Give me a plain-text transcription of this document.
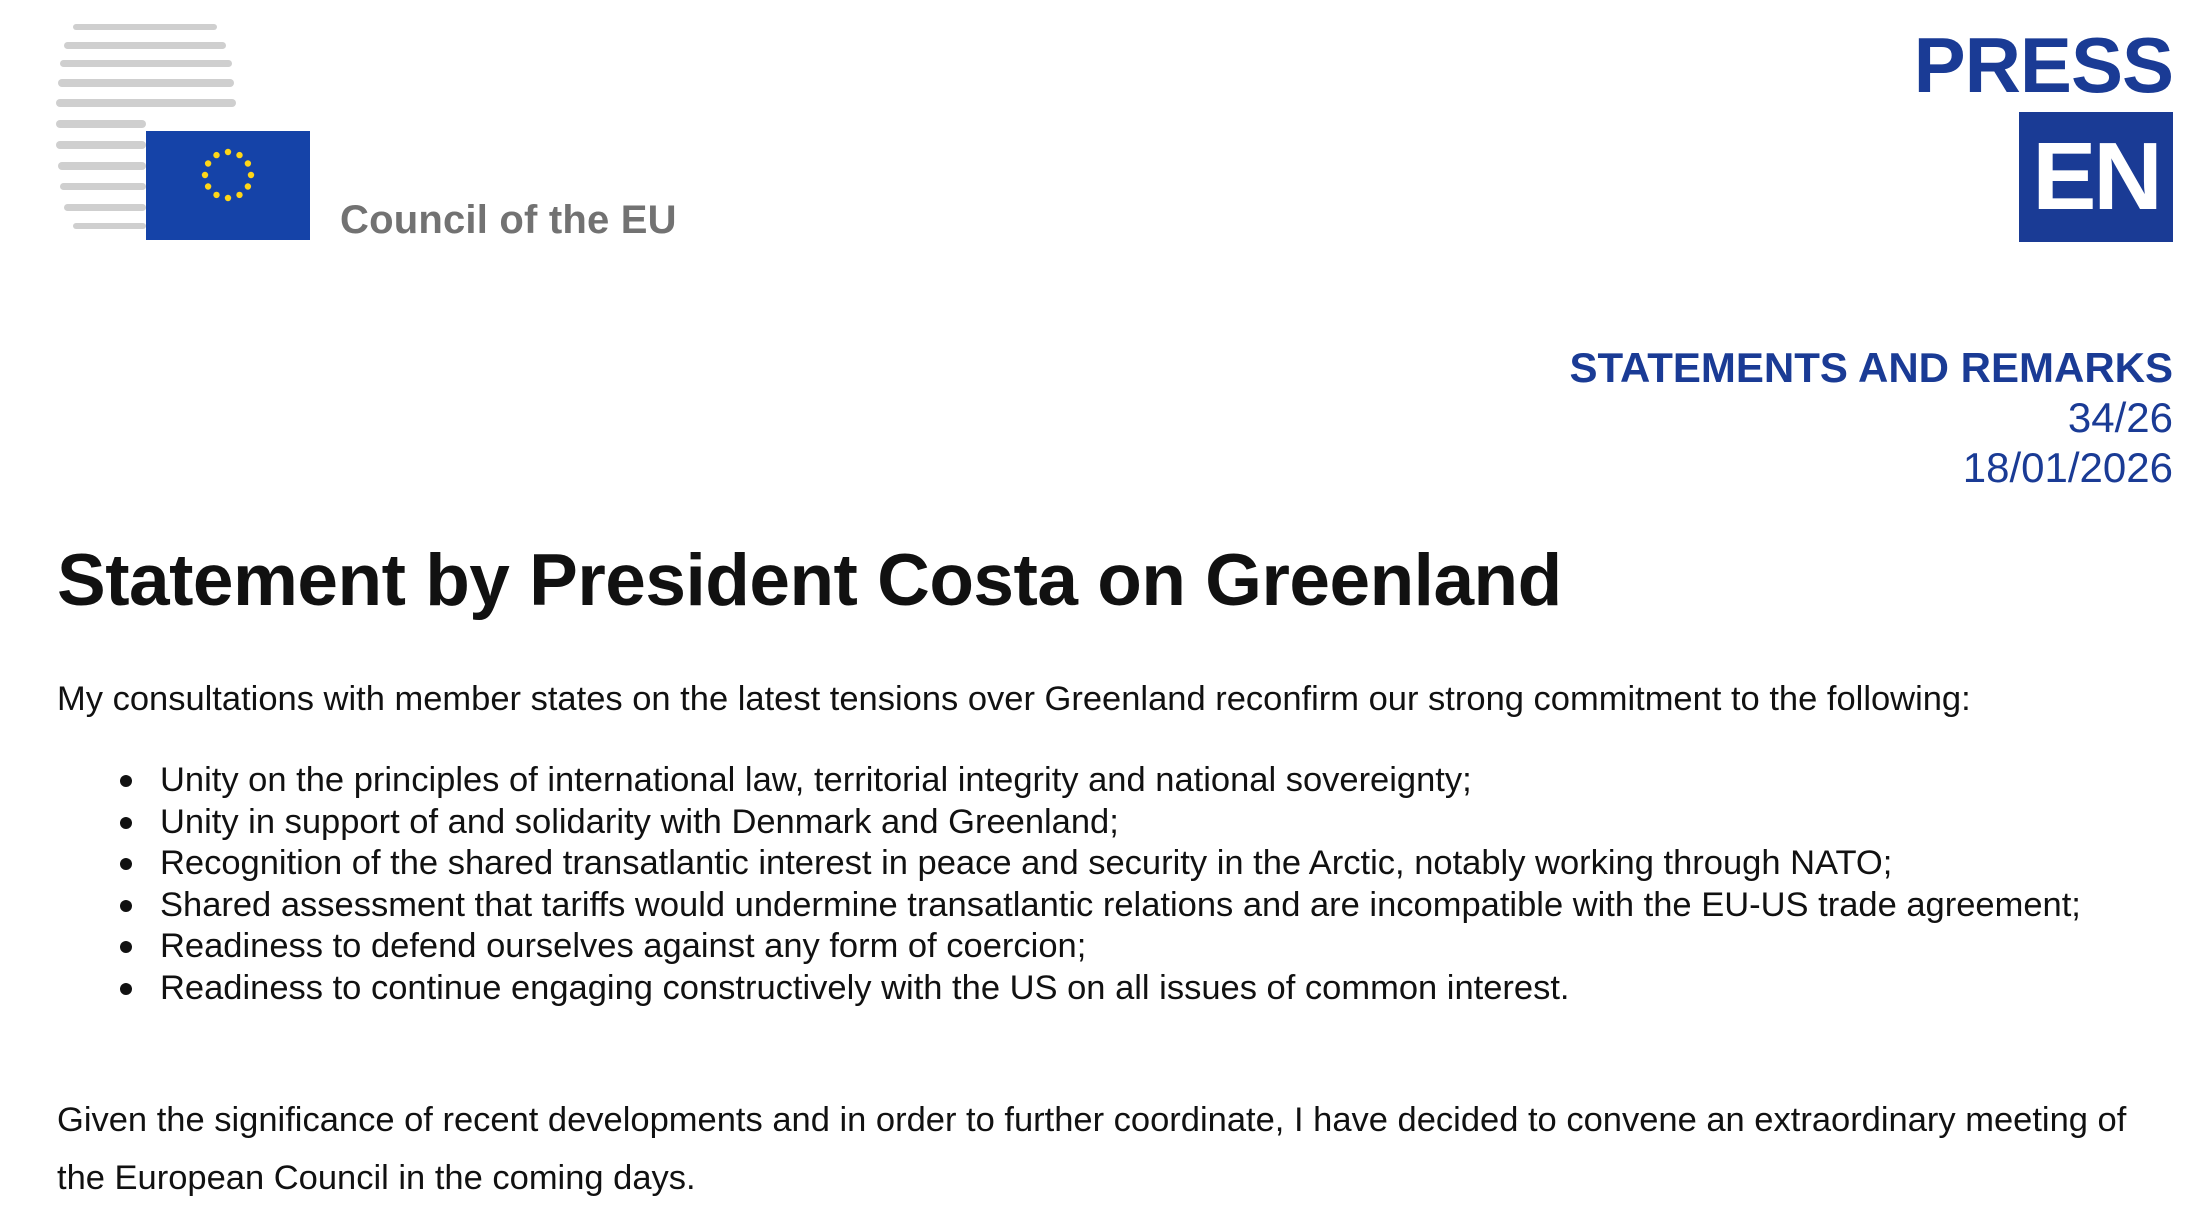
Council of the EU
PRESS
EN
STATEMENTS AND REMARKS
34/26
18/01/2026
Statement by President Costa on Greenland
My consultations with member states on the latest tensions over Greenland reconfirm our strong commitment to the following:
Unity on the principles of international law, territorial integrity and national sovereignty;
Unity in support of and solidarity with Denmark and Greenland;
Recognition of the shared transatlantic interest in peace and security in the Arctic, notably working through NATO;
Shared assessment that tariffs would undermine transatlantic relations and are incompatible with the EU-US trade agreement;
Readiness to defend ourselves against any form of coercion;
Readiness to continue engaging constructively with the US on all issues of common interest.
Given the significance of recent developments and in order to further coordinate, I have decided to convene an extraordinary meeting of the European Council in the coming days.
